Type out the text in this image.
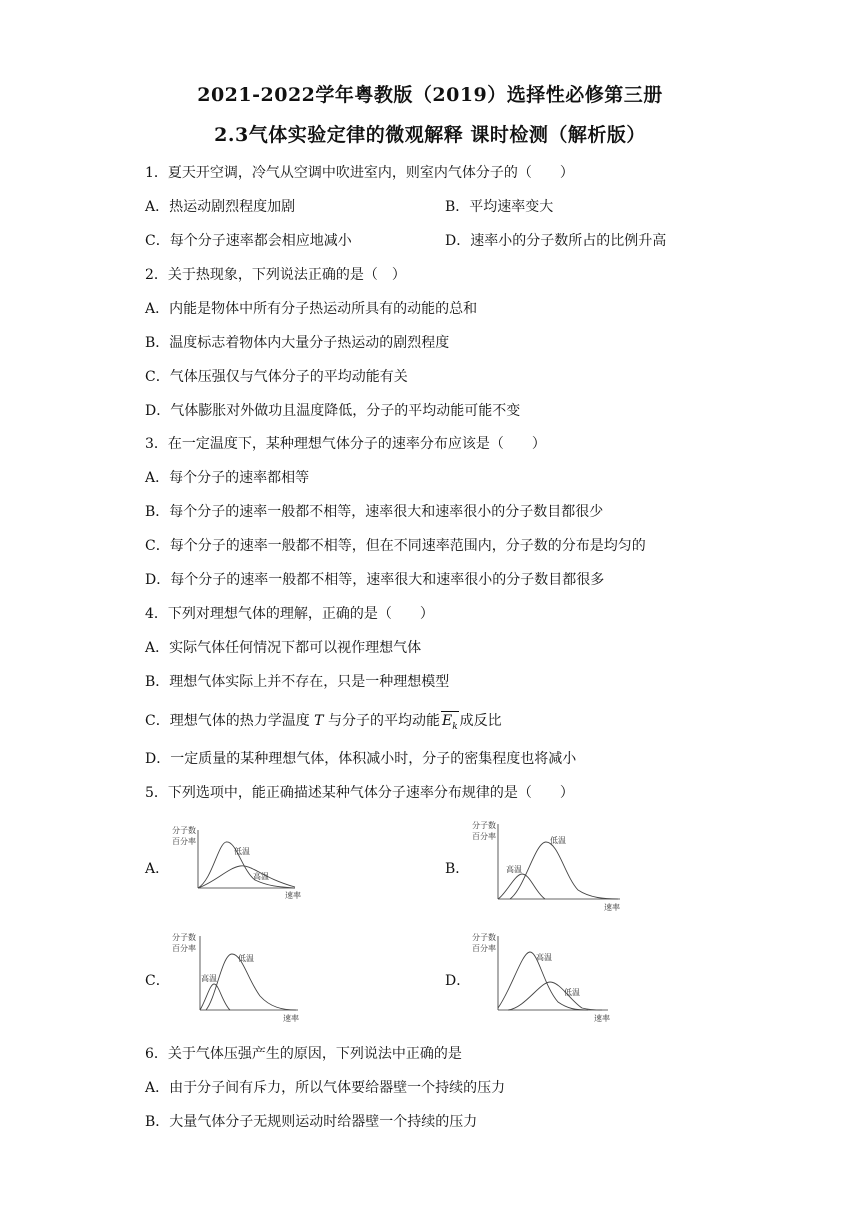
2021-2022学年粤教版（2019）选择性必修第三册
2.3气体实验定律的微观解释 课时检测（解析版）
1．夏天开空调，冷气从空调中吹进室内，则室内气体分子的（　　）
A．热运动剧烈程度加剧	B．平均速率变大
C．每个分子速率都会相应地减小	D．速率小的分子数所占的比例升高
2．关于热现象，下列说法正确的是（　）
A．内能是物体中所有分子热运动所具有的动能的总和
B．温度标志着物体内大量分子热运动的剧烈程度
C．气体压强仅与气体分子的平均动能有关
D．气体膨胀对外做功且温度降低，分子的平均动能可能不变
3．在一定温度下，某种理想气体分子的速率分布应该是（　　）
A．每个分子的速率都相等
B．每个分子的速率一般都不相等，速率很大和速率很小的分子数目都很少
C．每个分子的速率一般都不相等，但在不同速率范围内，分子数的分布是均匀的
D．每个分子的速率一般都不相等，速率很大和速率很小的分子数目都很多
4．下列对理想气体的理解，正确的是（　　）
A．实际气体任何情况下都可以视作理想气体
B．理想气体实际上并不存在，只是一种理想模型
C．理想气体的热力学温度 T 与分子的平均动能 $E_k$ 成反比
D．一定质量的某种理想气体，体积减小时，分子的密集程度也将减小
5．下列选项中，能正确描述某种气体分子速率分布规律的是（　　）
A．
分子数
百分率
低温
高温
速率
B．
分子数
百分率	低温
高温
速率
C．
分子数
百分率
低温
高温
速率
D．
分子数
百分率
高温
低温
速率
6．关于气体压强产生的原因，下列说法中正确的是
A．由于分子间有斥力，所以气体要给器壁一个持续的压力
B．大量气体分子无规则运动时给器壁一个持续的压力
